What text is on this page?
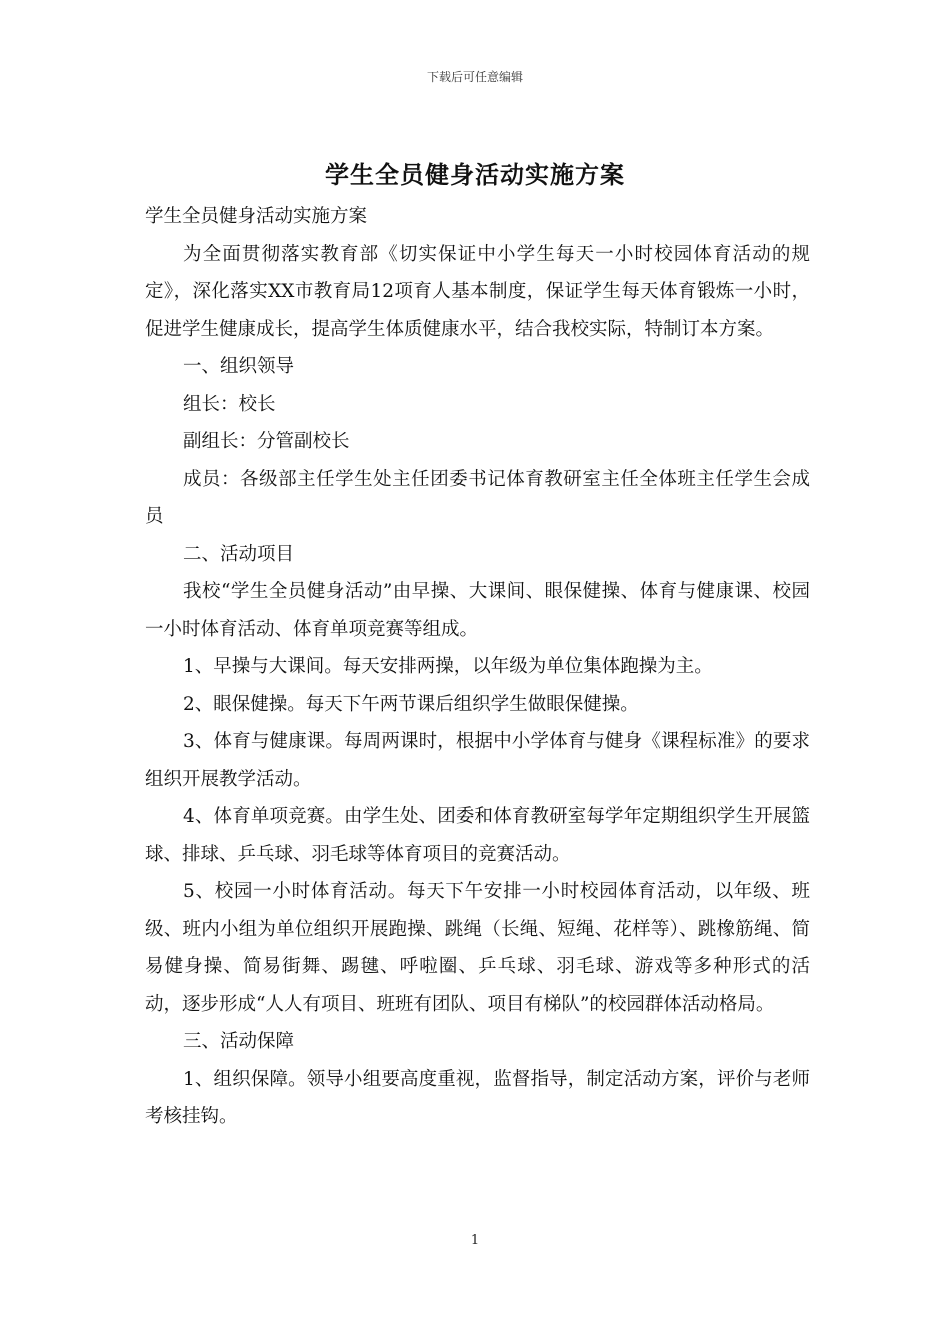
下载后可任意编辑
学生全员健身活动实施方案

学生全员健身活动实施方案

为全面贯彻落实教育部《切实保证中小学生每天一小时校园体育活动的规定》，深化落实XX市教育局12项育人基本制度，保证学生每天体育锻炼一小时，促进学生健康成长，提高学生体质健康水平，结合我校实际，特制订本方案。

一、组织领导

组长：校长

副组长：分管副校长

成员：各级部主任学生处主任团委书记体育教研室主任全体班主任学生会成员

二、活动项目

我校“学生全员健身活动”由早操、大课间、眼保健操、体育与健康课、校园一小时体育活动、体育单项竞赛等组成。

1、早操与大课间。每天安排两操，以年级为单位集体跑操为主。

2、眼保健操。每天下午两节课后组织学生做眼保健操。

3、体育与健康课。每周两课时，根据中小学体育与健身《课程标准》的要求组织开展教学活动。

4、体育单项竞赛。由学生处、团委和体育教研室每学年定期组织学生开展篮球、排球、乒乓球、羽毛球等体育项目的竞赛活动。

5、校园一小时体育活动。每天下午安排一小时校园体育活动，以年级、班级、班内小组为单位组织开展跑操、跳绳（长绳、短绳、花样等）、跳橡筋绳、简易健身操、简易街舞、踢毽、呼啦圈、乒乓球、羽毛球、游戏等多种形式的活动，逐步形成“人人有项目、班班有团队、项目有梯队”的校园群体活动格局。

三、活动保障

1、组织保障。领导小组要高度重视，监督指导，制定活动方案，评价与老师考核挂钩。

1
